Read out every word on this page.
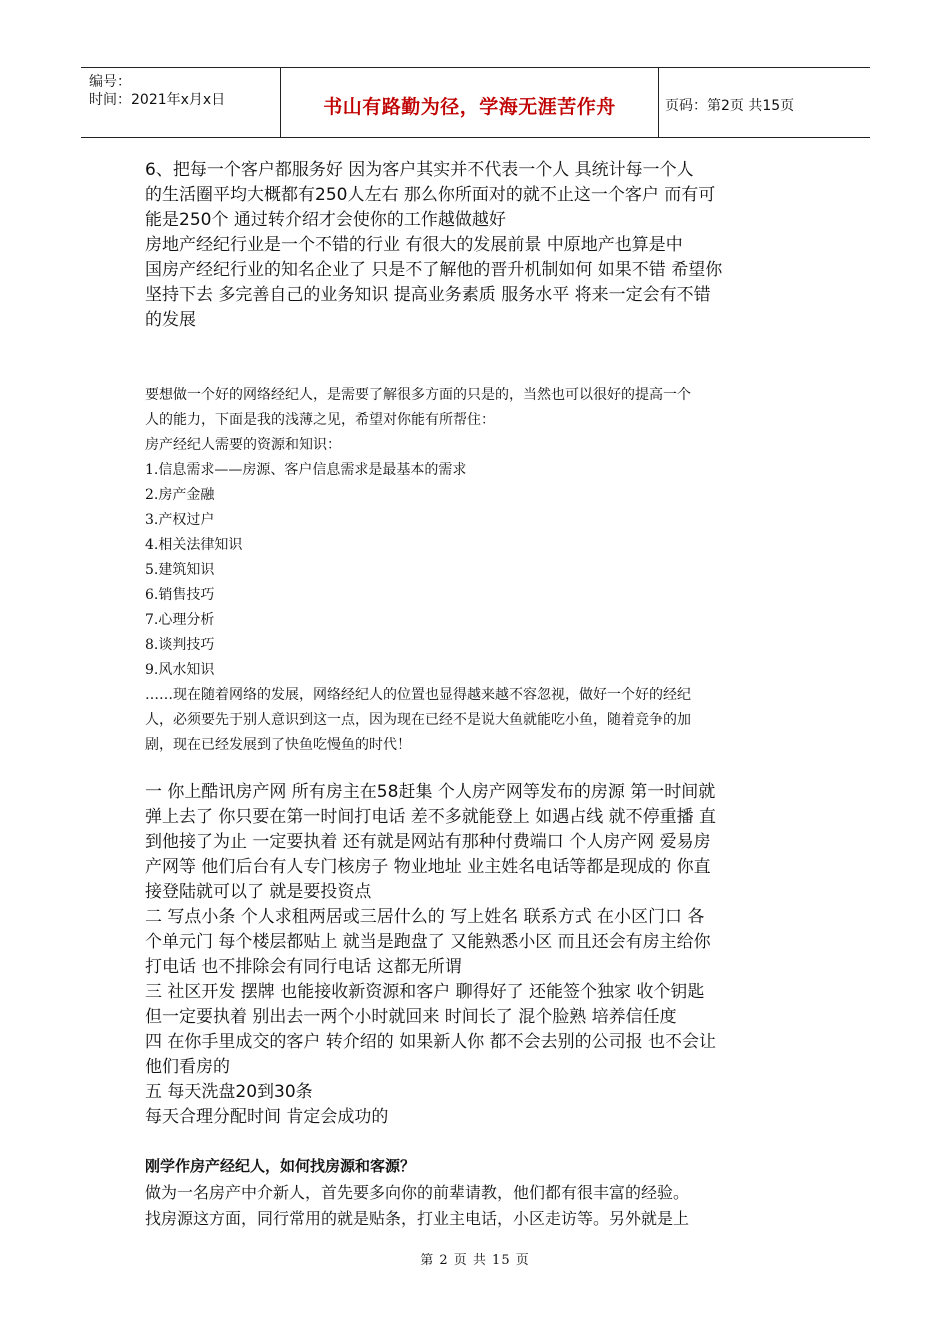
编号：
时间：2021年x月x日	书山有路勤为径，学海无涯苦作舟	页码：第2页 共15页
6、把每一个客户都服务好 因为客户其实并不代表一个人 具统计每一个人
的生活圈平均大概都有250人左右 那么你所面对的就不止这一个客户 而有可
能是250个 通过转介绍才会使你的工作越做越好
房地产经纪行业是一个不错的行业 有很大的发展前景 中原地产也算是中
国房产经纪行业的知名企业了 只是不了解他的晋升机制如何 如果不错 希望你
坚持下去 多完善自己的业务知识 提高业务素质 服务水平 将来一定会有不错
的发展
要想做一个好的网络经纪人，是需要了解很多方面的只是的，当然也可以很好的提高一个
人的能力，下面是我的浅薄之见，希望对你能有所帮住：
房产经纪人需要的资源和知识：
1.信息需求——房源、客户信息需求是最基本的需求
2.房产金融
3.产权过户
4.相关法律知识
5.建筑知识
6.销售技巧
7.心理分析
8.谈判技巧
9.风水知识
……现在随着网络的发展，网络经纪人的位置也显得越来越不容忽视，做好一个好的经纪
人，必须要先于别人意识到这一点，因为现在已经不是说大鱼就能吃小鱼，随着竞争的加
剧，现在已经发展到了快鱼吃慢鱼的时代！
一 你上酷讯房产网 所有房主在58赶集 个人房产网等发布的房源 第一时间就
弹上去了 你只要在第一时间打电话 差不多就能登上 如遇占线 就不停重播 直
到他接了为止 一定要执着 还有就是网站有那种付费端口 个人房产网 爱易房
产网等 他们后台有人专门核房子 物业地址 业主姓名电话等都是现成的 你直
接登陆就可以了 就是要投资点
二 写点小条 个人求租两居或三居什么的 写上姓名 联系方式 在小区门口 各
个单元门 每个楼层都贴上 就当是跑盘了 又能熟悉小区 而且还会有房主给你
打电话 也不排除会有同行电话 这都无所谓
三 社区开发 摆牌 也能接收新资源和客户 聊得好了 还能签个独家 收个钥匙
但一定要执着 别出去一两个小时就回来 时间长了 混个脸熟 培养信任度
四 在你手里成交的客户 转介绍的 如果新人你 都不会去别的公司报 也不会让
他们看房的
五 每天洗盘20到30条
每天合理分配时间 肯定会成功的
刚学作房产经纪人，如何找房源和客源？
做为一名房产中介新人，首先要多向你的前辈请教，他们都有很丰富的经验。
找房源这方面，同行常用的就是贴条，打业主电话，小区走访等。另外就是上
第 2 页 共 15 页
